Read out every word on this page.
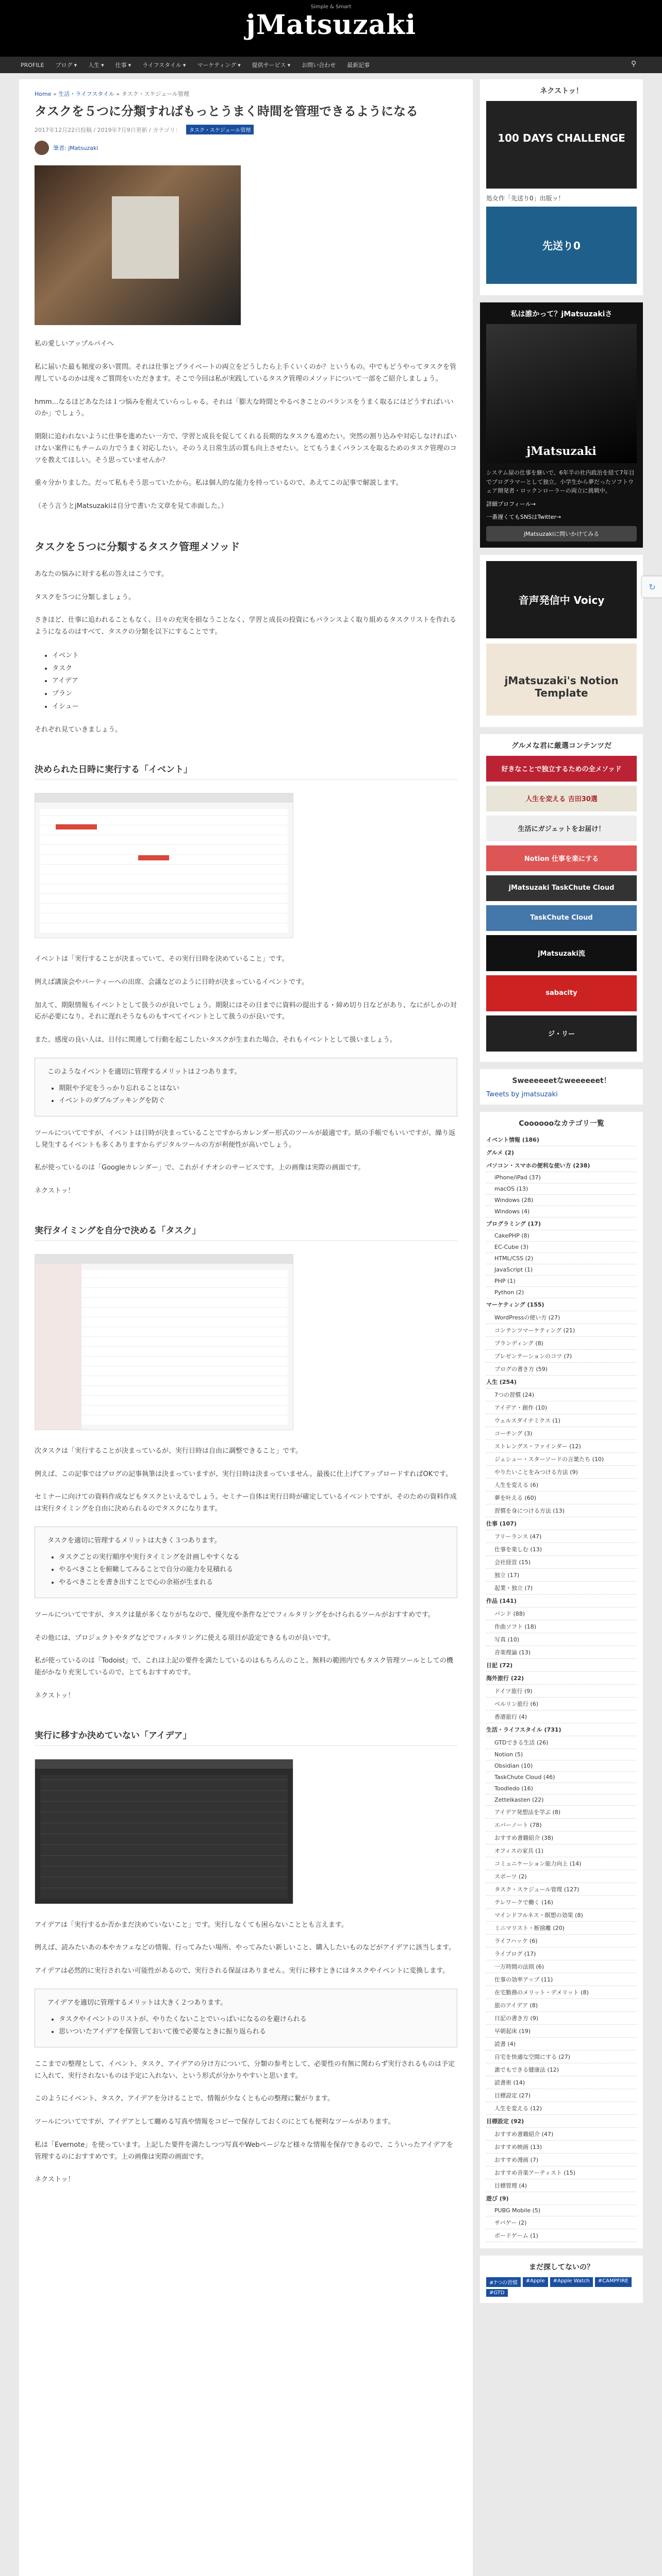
Simple & Smart
jMatsuzaki
PROFILE ブログ ▾ 人生 ▾ 仕事 ▾ ライフスタイル ▾ マーケティング ▾ 提供サービス ▾ お問い合わせ 最新記事	⚲
Home » 生活・ライフスタイル » タスク・スケジュール管理
タスクを５つに分類すればもっとうまく時間を管理できるようになる
2017年12月22日投稿 / 2019年7月9日更新 / カテゴリ：	タスク・スケジュール管理
筆者: jMatsuzaki

私の愛しいアップルパイへ

私に届いた最も頻度の多い質問。それは仕事とプライベートの両立をどうしたら上手くいくのか？というもの。中でもどうやってタスクを管理しているのかは度々ご質問をいただきます。そこで今回は私が実践しているタスク管理のメソッドについて一部をご紹介しましょう。

hmm...なるほどあなたは１つ悩みを抱えていらっしゃる。それは「膨大な時間とやるべきことのバランスをうまく取るにはどうすればいいのか」でしょう。

期限に追われないように仕事を進めたい一方で、学習と成長を促してくれる長期的なタスクも進めたい。突然の割り込みや対応しなければいけない案件にもチームの力でうまく対応したい。そのうえ日常生活の質も向上させたい。とてもうまくバランスを取るためのタスク管理のコツを教えてほしい。そう思っていませんか？

重々分かりました。だって私もそう思っていたから。私は個人的な能力を持っているので、あえてこの記事で解説します。

（そう言うとjMatsuzakiは自分で書いた文章を見て赤面した。）

タスクを５つに分類するタスク管理メソッド

あなたの悩みに対する私の答えはこうです。

タスクを５つに分類しましょう。

さきほど、仕事に追われることもなく、日々の充実を損なうことなく、学習と成長の投資にもバランスよく取り組めるタスクリストを作れるようになるのはすべて、タスクの分類を以下にすることです。

• イベント
• タスク
• アイデア
• プラン
• イシュー

それぞれ見ていきましょう。

決められた日時に実行する「イベント」

イベントは「実行することが決まっていて、その実行日時を決めていること」です。

例えば講演会やパーティーへの出席、会議などのように日時が決まっているイベントです。

加えて、期限情報もイベントとして扱うのが良いでしょう。期限にはその日までに資料の提出する・締め切り日などがあり、なにがしかの対応が必要になり、それに遅れそうなものもすべてイベントとして扱うのが良いです。

また、感度の良い人は、日付に関連して行動を起こしたいタスクが生まれた場合、それもイベントとして扱いましょう。

このようなイベントを適切に管理するメリットは２つあります。

• 期限や予定をうっかり忘れることはない
• イベントのダブルブッキングを防ぐ

ツールについてですが、イベントは日時が決まっていることですからカレンダー形式のツールが最適です。紙の手帳でもいいですが、繰り返し発生するイベントも多くありますからデジタルツールの方が利便性が高いでしょう。

私が使っているのは「Googleカレンダー」で、これがイチオシのサービスです。上の画像は実際の画面です。

ネクストッ！

実行タイミングを自分で決める「タスク」

次タスクは「実行することが決まっているが、実行日時は自由に調整できること」です。

例えば、この記事ではブログの記事執筆は決まっていますが、実行日時は決まっていません。最後に仕上げてアップロードすればOKです。

セミナーに向けての資料作成などもタスクといえるでしょう。セミナー自体は実行日時が確定しているイベントですが、そのための資料作成は実行タイミングを自由に決められるのでタスクになります。

タスクを適切に管理するメリットは大きく３つあります。

• タスクごとの実行順序や実行タイミングを計画しやすくなる
• やるべきことを俯瞰してみることで自分の能力を見積れる
• やるべきことを書き出すことで心の余裕が生まれる

ツールについてですが、タスクは量が多くなりがちなので、優先度や条件などでフィルタリングをかけられるツールがおすすめです。

その他には、プロジェクトやタグなどでフィルタリングに使える項目が設定できるものが良いです。

私が使っているのは「Todoist」で、これは上記の要件を満たしているのはもちろんのこと、無料の範囲内でもタスク管理ツールとしての機能がかなり充実しているので、とてもおすすめです。

ネクストッ！

実行に移すか決めていない「アイデア」

アイデアは「実行するか否かまだ決めていないこと」です。実行しなくても困らないこととも言えます。

例えば、読みたいあの本やカフェなどの情報、行ってみたい場所、やってみたい新しいこと、購入したいものなどがアイデアに該当します。

アイデアは必然的に実行されない可能性があるので、実行される保証はありません。実行に移すときにはタスクやイベントに変換します。

アイデアを適切に管理するメリットは大きく２つあります。

• タスクやイベントのリストが、やりたくないことでいっぱいになるのを避けられる
• 思いついたアイデアを保管しておいて後で必要なときに振り返られる

ここまでの整理として、イベント、タスク、アイデアの分け方について、分類の参考として、必要性の有無に関わらず実行されるものは予定に入れて、実行されないものは予定に入れない、という形式が分かりやすいと思います。

このようにイベント、タスク、アイデアを分けることで、情報が少なくとも心の整理に繋がります。

ツールについてですが、アイデアとして纏める写真や情報をコピーで保存しておくのにとても便利なツールがあります。

私は「Evernote」を使っています。上記した要件を満たしつつ写真やWebページなど様々な情報を保存できるので、こういったアイデアを管理するのにおすすめです。上の画像は実際の画面です。

ネクストッ！

ネクストッ！
100 DAYS CHALLENGE
処女作「先送り0」出版ッ！
先送り0
私は誰かって？jMatsuzakiさ
jMatsuzaki

システム屋の仕事を継いで、6年半の社内政治を経て7年目でプログラマーとして独立。小学生から夢だったソフトウェア開発者・ロックンローラーの両立に挑戦中。

詳細プロフィール→

一番遅くてもSNSはTwitter→

jMatsuzakiに問いかけてみる
音声発信中 Voicy
jMatsuzaki's Notion Template
グルメな君に厳選コンテンツだ
好きなことで独立するための全メソッド
人生を変える 吉田30選
生活にガジェットをお届け！
Notion 仕事を楽にする
jMatsuzaki TaskChute Cloud
TaskChute Cloud
jMatsuzaki流
sabacity
ジ・リー
Sweeeeeetなweeeeeet！
Tweets by jmatsuzaki
Cooooooなカテゴリ一覧
イベント情報 (186)
グルメ (2)
パソコン・スマホの便利な使い方 (238)
iPhone/iPad (37)
macOS (13)
Windows (28)
Windows (4)
プログラミング (17)
CakePHP (8)
EC-Cube (3)
HTML/CSS (2)
JavaScript (1)
PHP (1)
Python (2)
マーケティング (155)
WordPressの使い方 (27)
コンテンツマーケティング (21)
ブランディング (8)
プレゼンテーションのコツ (7)
ブログの書き方 (59)
人生 (254)
7つの習慣 (24)
アイデア・創作 (10)
ウェルスダイナミクス (1)
コーチング (3)
ストレングス・ファインダー (12)
ジェシュー・スターソードの言葉たち (10)
やりたいことをみつける方法 (9)
人生を変える (6)
夢を叶える (60)
習慣を身につける方法 (13)
仕事 (107)
フリーランス (47)
仕事を楽しむ (13)
会社経営 (15)
独立 (17)
起業・独立 (7)
作品 (141)
バンド (88)
作曲ソフト (18)
写真 (10)
音楽理論 (13)
日記 (72)
海外旅行 (22)
ドイツ旅行 (9)
ベルリン旅行 (6)
香港旅行 (4)
生活・ライフスタイル (731)
GTDできる生活 (26)
Notion (5)
Obsidian (10)
TaskChute Cloud (46)
Toodledo (16)
Zettelkasten (22)
アイデア発想法を学ぶ (8)
エバーノート (78)
おすすめ書籍紹介 (38)
オフィスの家具 (1)
コミュニケーション能力向上 (14)
スポーツ (2)
タスク・スケジュール管理 (127)
テレワークで働く (16)
マインドフルネス・瞑想の効果 (8)
ミニマリスト・断捨離 (20)
ライフハック (6)
ライブログ (17)
一万時間の法則 (6)
仕事の効率アップ (11)
在宅勤務のメリット・デメリット (8)
旅のアイデア (8)
日記の書き方 (9)
早朝起床 (19)
読書 (4)
自宅を快適な空間にする (27)
誰でもできる健康法 (12)
読書術 (14)
目標設定 (27)
人生を変える (12)
目標設定 (92)
おすすめ書籍紹介 (47)
おすすめ映画 (13)
おすすめ漫画 (7)
おすすめ音楽アーティスト (15)
目標管理 (4)
遊び (9)
PUBG Mobile (5)
サバゲー (2)
ボードゲーム (1)
まだ探してないの？
#7つの習慣	#Apple	#Apple Watch	#CAMPFIRE
#GTD
↻
